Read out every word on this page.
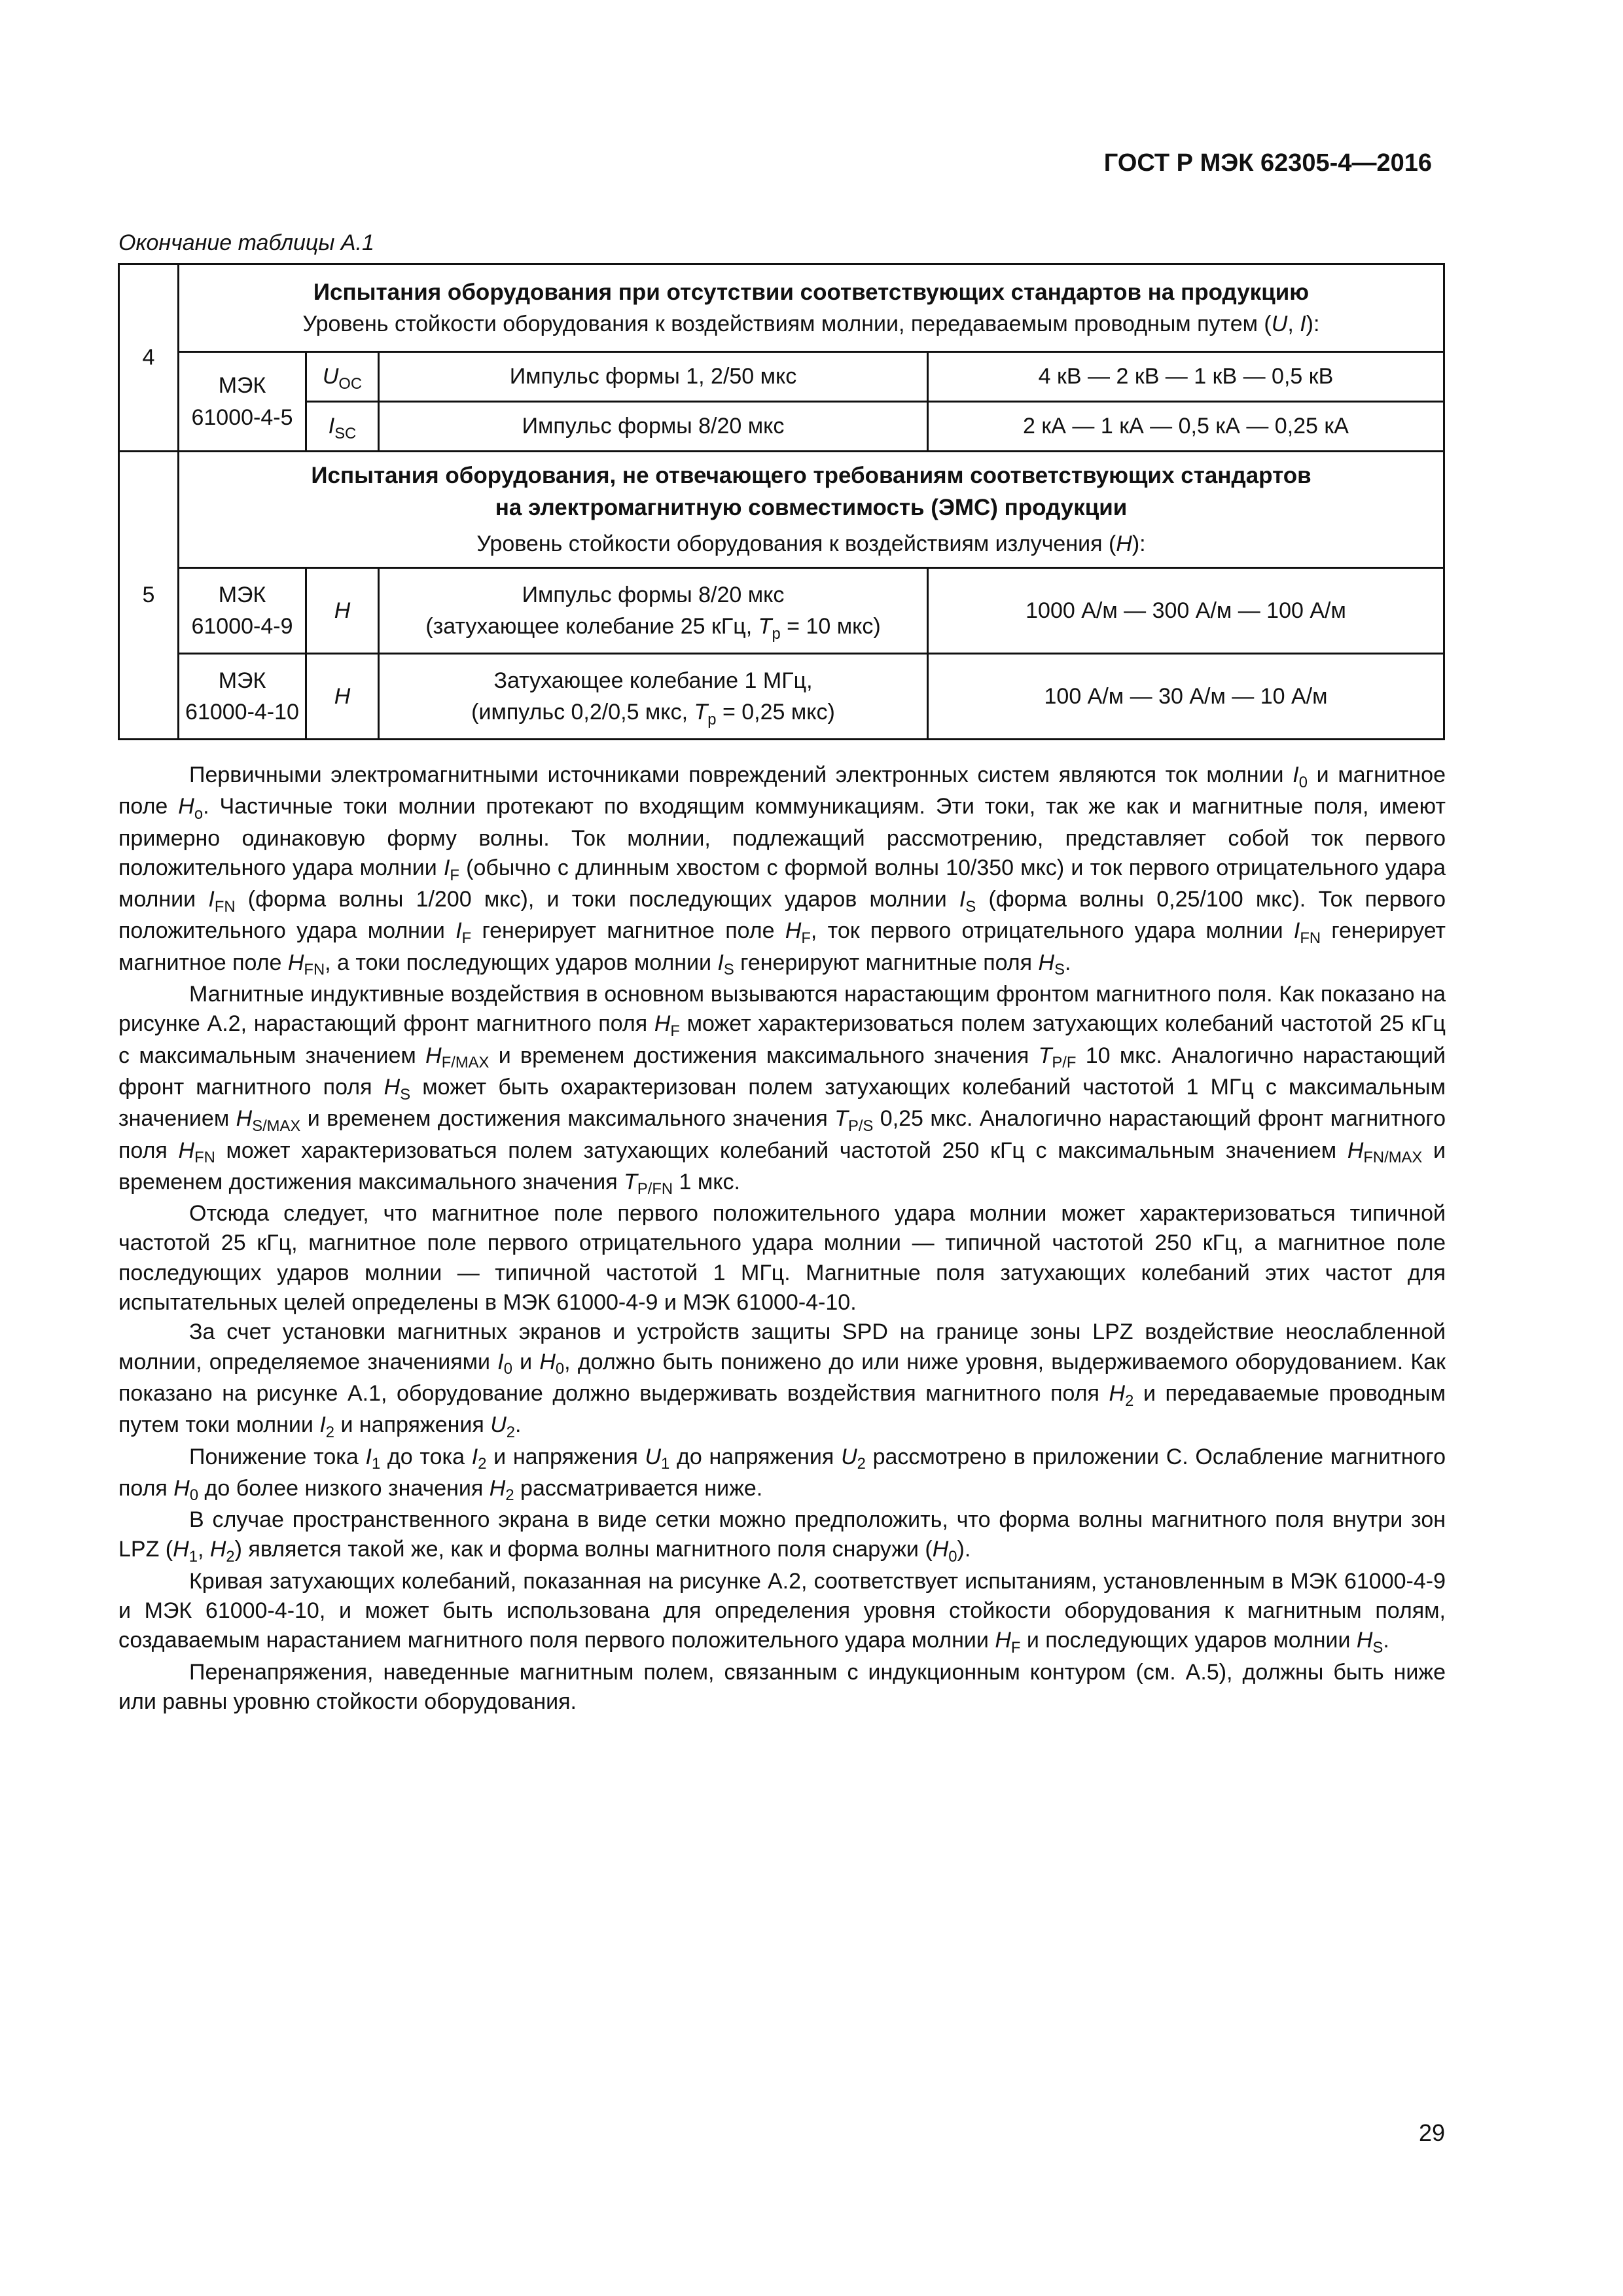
ГОСТ Р МЭК 62305-4—2016
Окончание таблицы А.1
4	Испытания оборудования при отсутствии соответствующих стандартов на продукцию
Уровень стойкости оборудования к воздействиям молнии, передаваемым проводным путем (U, I):			

	МЭК 61000-4-5	$U_{OC}$	Импульс формы 1, 2/50 мкс	4 кВ — 2 кВ — 1 кВ — 0,5 кВ
		$I_{SC}$	Импульс формы 8/20 мкс	2 кА — 1 кА — 0,5 кА — 0,25 кА
5	Испытания оборудования, не отвечающего требованиям соответствующих стандартов
на электромагнитную совместимость (ЭМС) продукции
Уровень стойкости оборудования к воздействиям излучения (H):			

	МЭК 61000-4-9	H	Импульс формы 8/20 мкс
(затухающее колебание 25 кГц, $T_p = 10$ мкс)	1000 А/м — 300 А/м — 100 А/м
	МЭК 61000-4-10	H	Затухающее колебание 1 МГц,
(импульс 0,2/0,5 мкс, $T_p = 0,25$ мкс)	100 А/м — 30 А/м — 10 А/м

Первичными электромагнитными источниками повреждений электронных систем являются ток молнии $I_0$ и магнитное поле $H_o$. Частичные токи молнии протекают по входящим коммуникациям. Эти токи, так же как и магнитные поля, имеют примерно одинаковую форму волны. Ток молнии, подлежащий рассмотрению, представляет собой ток первого положительного удара молнии $I_F$ (обычно с длинным хвостом с формой волны 10/350 мкс) и ток первого отрицательного удара молнии $I_{FN}$ (форма волны 1/200 мкс), и токи последующих ударов молнии $I_S$ (форма волны 0,25/100 мкс). Ток первого положительного удара молнии $I_F$ генерирует магнитное поле $H_F$, ток первого отрицательного удара молнии $I_{FN}$ генерирует магнитное поле $H_{FN}$, а токи последующих ударов молнии $I_S$ генерируют магнитные поля $H_S$.

Магнитные индуктивные воздействия в основном вызываются нарастающим фронтом магнитного поля. Как показано на рисунке А.2, нарастающий фронт магнитного поля $H_F$ может характеризоваться полем затухающих колебаний частотой 25 кГц с максимальным значением $H_{F/MAX}$ и временем достижения максимального значения $T_{P/F}$ 10 мкс. Аналогично нарастающий фронт магнитного поля $H_S$ может быть охарактеризован полем затухающих колебаний частотой 1 МГц с максимальным значением $H_{S/MAX}$ и временем достижения максимального значения $T_{P/S}$ 0,25 мкс. Аналогично нарастающий фронт магнитного поля $H_{FN}$ может характеризоваться полем затухающих колебаний частотой 250 кГц с максимальным значением $H_{FN/MAX}$ и временем достижения максимального значения $T_{P/FN}$ 1 мкс.

Отсюда следует, что магнитное поле первого положительного удара молнии может характеризоваться типичной частотой 25 кГц, магнитное поле первого отрицательного удара молнии — типичной частотой 250 кГц, а магнитное поле последующих ударов молнии — типичной частотой 1 МГц. Магнитные поля затухающих колебаний этих частот для испытательных целей определены в МЭК 61000-4-9 и МЭК 61000-4-10.

За счет установки магнитных экранов и устройств защиты SPD на границе зоны LPZ воздействие неослабленной молнии, определяемое значениями $I_0$ и $H_0$, должно быть понижено до или ниже уровня, выдерживаемого оборудованием. Как показано на рисунке А.1, оборудование должно выдерживать воздействия магнитного поля $H_2$ и передаваемые проводным путем токи молнии $I_2$ и напряжения $U_2$.

Понижение тока $I_1$ до тока $I_2$ и напряжения $U_1$ до напряжения $U_2$ рассмотрено в приложении С. Ослабление магнитного поля $H_0$ до более низкого значения $H_2$ рассматривается ниже.

В случае пространственного экрана в виде сетки можно предположить, что форма волны магнитного поля внутри зон LPZ ($H_1$, $H_2$) является такой же, как и форма волны магнитного поля снаружи $(H_0)$.

Кривая затухающих колебаний, показанная на рисунке А.2, соответствует испытаниям, установленным в МЭК 61000-4-9 и МЭК 61000-4-10, и может быть использована для определения уровня стойкости оборудования к магнитным полям, создаваемым нарастанием магнитного поля первого положительного удара молнии $H_F$ и последующих ударов молнии $H_S$.

Перенапряжения, наведенные магнитным полем, связанным с индукционным контуром (см. А.5), должны быть ниже или равны уровню стойкости оборудования.

29
